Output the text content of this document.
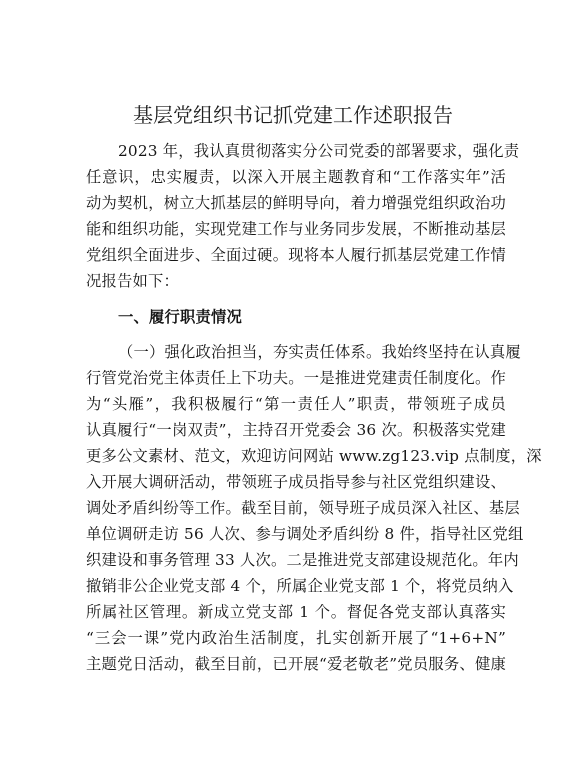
基层党组织书记抓党建工作述职报告
2023 年，我认真贯彻落实分公司党委的部署要求，强化责
任意识，忠实履责，以深入开展主题教育和“工作落实年”活
动为契机，树立大抓基层的鲜明导向，着力增强党组织政治功
能和组织功能，实现党建工作与业务同步发展，不断推动基层
党组织全面进步、全面过硬。现将本人履行抓基层党建工作情
况报告如下：
一、履行职责情况
（一）强化政治担当，夯实责任体系。我始终坚持在认真履
行管党治党主体责任上下功夫。一是推进党建责任制度化。作
为“头雁”，我积极履行“第一责任人”职责，带领班子成员
认真履行“一岗双责”，主持召开党委会 36 次。积极落实党建
更多公文素材、范文，欢迎访问网站 www.zg123.vip 点制度，深
入开展大调研活动，带领班子成员指导参与社区党组织建设、
调处矛盾纠纷等工作。截至目前，领导班子成员深入社区、基层
单位调研走访 56 人次、参与调处矛盾纠纷 8 件，指导社区党组
织建设和事务管理 33 人次。二是推进党支部建设规范化。年内
撤销非公企业党支部 4 个，所属企业党支部 1 个，将党员纳入
所属社区管理。新成立党支部 1 个。督促各党支部认真落实
“三会一课”党内政治生活制度，扎实创新开展了“1+6+N”
主题党日活动，截至目前，已开展“爱老敬老”党员服务、健康
